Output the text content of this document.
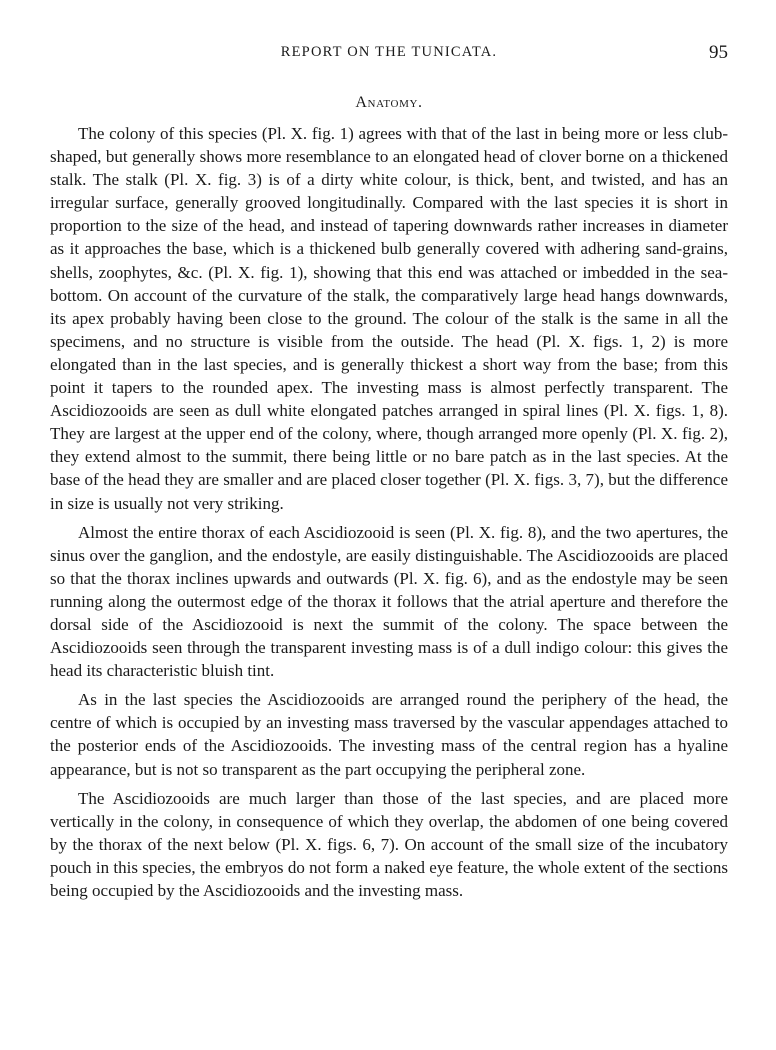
REPORT ON THE TUNICATA.	95
Anatomy.

The colony of this species (Pl. X. fig. 1) agrees with that of the last in being more or less club-shaped, but generally shows more resemblance to an elongated head of clover borne on a thickened stalk. The stalk (Pl. X. fig. 3) is of a dirty white colour, is thick, bent, and twisted, and has an irregular surface, generally grooved longitudinally. Compared with the last species it is short in proportion to the size of the head, and instead of tapering downwards rather increases in diameter as it approaches the base, which is a thickened bulb generally covered with adhering sand-grains, shells, zoophytes, &c. (Pl. X. fig. 1), showing that this end was attached or imbedded in the sea-bottom. On account of the curvature of the stalk, the comparatively large head hangs downwards, its apex probably having been close to the ground. The colour of the stalk is the same in all the specimens, and no structure is visible from the outside. The head (Pl. X. figs. 1, 2) is more elongated than in the last species, and is generally thickest a short way from the base; from this point it tapers to the rounded apex. The investing mass is almost perfectly transparent. The Ascidiozooids are seen as dull white elongated patches arranged in spiral lines (Pl. X. figs. 1, 8). They are largest at the upper end of the colony, where, though arranged more openly (Pl. X. fig. 2), they extend almost to the summit, there being little or no bare patch as in the last species. At the base of the head they are smaller and are placed closer together (Pl. X. figs. 3, 7), but the difference in size is usually not very striking.

Almost the entire thorax of each Ascidiozooid is seen (Pl. X. fig. 8), and the two apertures, the sinus over the ganglion, and the endostyle, are easily distinguishable. The Ascidiozooids are placed so that the thorax inclines upwards and outwards (Pl. X. fig. 6), and as the endostyle may be seen running along the outermost edge of the thorax it follows that the atrial aperture and therefore the dorsal side of the Ascidiozooid is next the summit of the colony. The space between the Ascidiozooids seen through the transparent investing mass is of a dull indigo colour: this gives the head its characteristic bluish tint.

As in the last species the Ascidiozooids are arranged round the periphery of the head, the centre of which is occupied by an investing mass traversed by the vascular appendages attached to the posterior ends of the Ascidiozooids. The investing mass of the central region has a hyaline appearance, but is not so transparent as the part occupying the peripheral zone.

The Ascidiozooids are much larger than those of the last species, and are placed more vertically in the colony, in consequence of which they overlap, the abdomen of one being covered by the thorax of the next below (Pl. X. figs. 6, 7). On account of the small size of the incubatory pouch in this species, the embryos do not form a naked eye feature, the whole extent of the sections being occupied by the Ascidiozooids and the investing mass.
